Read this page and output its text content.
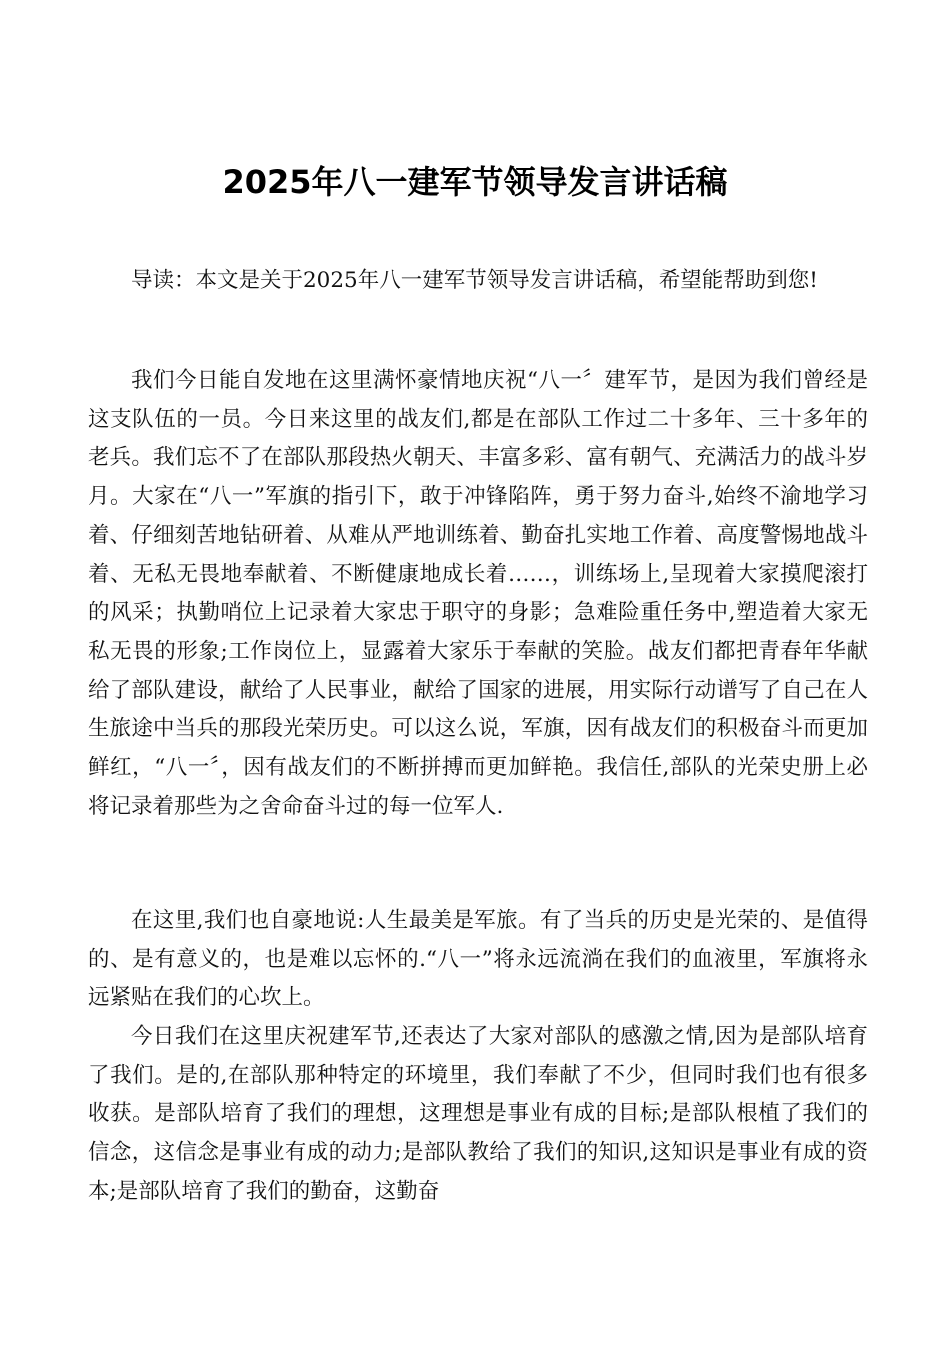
2025年八一建军节领导发言讲话稿

导读：本文是关于2025年八一建军节领导发言讲话稿，希望能帮助到您!

我们今日能自发地在这里满怀豪情地庆祝“八一〞建军节，是因为我们曾经是这支队伍的一员。今日来这里的战友们,都是在部队工作过二十多年、三十多年的老兵。我们忘不了在部队那段热火朝天、丰富多彩、富有朝气、充满活力的战斗岁月。大家在“八一”军旗的指引下，敢于冲锋陷阵，勇于努力奋斗,始终不渝地学习着、仔细刻苦地钻研着、从难从严地训练着、勤奋扎实地工作着、高度警惕地战斗着、无私无畏地奉献着、不断健康地成长着……，训练场上,呈现着大家摸爬滚打的风采；执勤哨位上记录着大家忠于职守的身影；急难险重任务中,塑造着大家无私无畏的形象;工作岗位上，显露着大家乐于奉献的笑脸。战友们都把青春年华献给了部队建设，献给了人民事业，献给了国家的进展，用实际行动谱写了自己在人生旅途中当兵的那段光荣历史。可以这么说，军旗，因有战友们的积极奋斗而更加鲜红，“八一〞，因有战友们的不断拼搏而更加鲜艳。我信任,部队的光荣史册上必将记录着那些为之舍命奋斗过的每一位军人.

在这里,我们也自豪地说:人生最美是军旅。有了当兵的历史是光荣的、是值得的、是有意义的，也是难以忘怀的.“八一”将永远流淌在我们的血液里，军旗将永远紧贴在我们的心坎上。

今日我们在这里庆祝建军节,还表达了大家对部队的感激之情,因为是部队培育了我们。是的,在部队那种特定的环境里，我们奉献了不少，但同时我们也有很多收获。是部队培育了我们的理想，这理想是事业有成的目标;是部队根植了我们的信念，这信念是事业有成的动力;是部队教给了我们的知识,这知识是事业有成的资本;是部队培育了我们的勤奋，这勤奋
